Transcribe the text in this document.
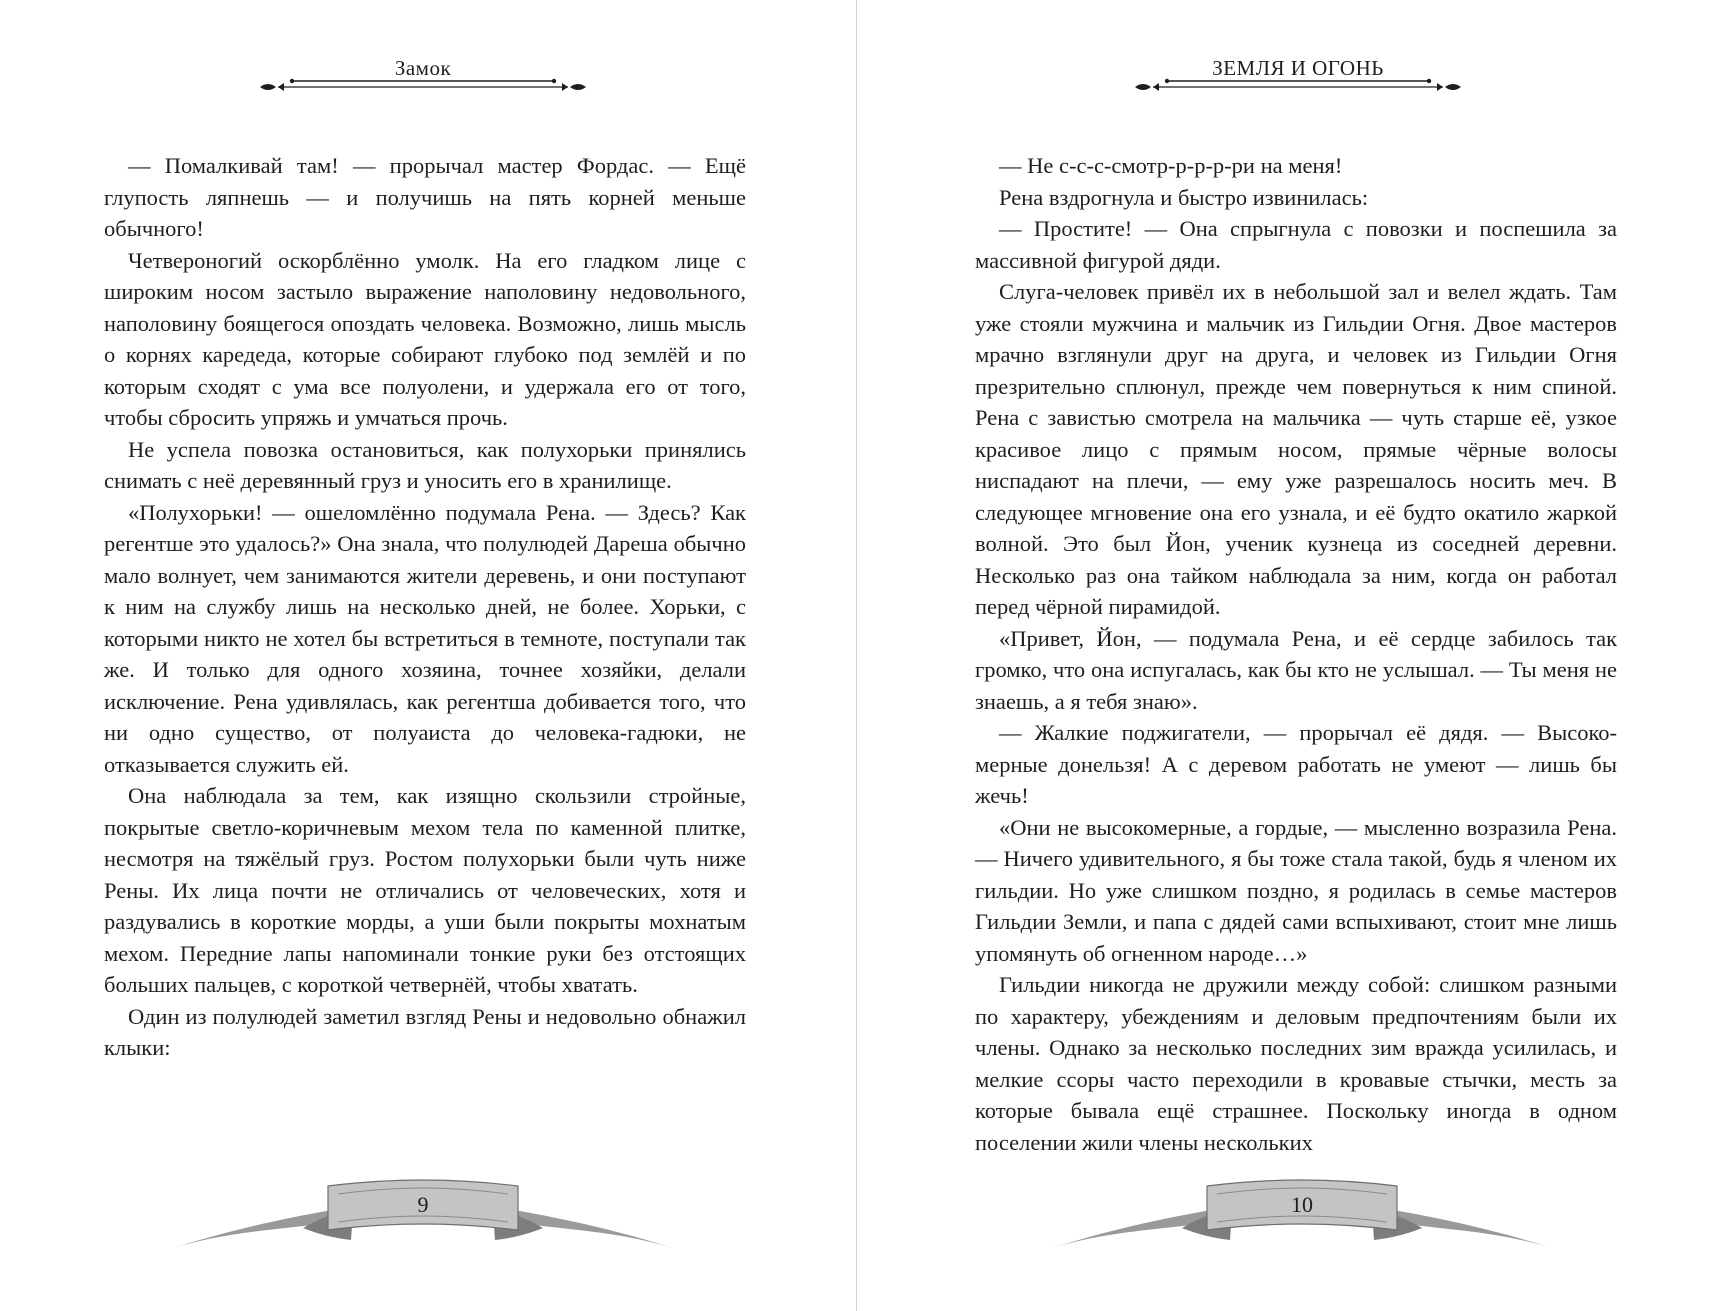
Замок

— Помалкивай там! — прорычал мастер Фордас. — Ещё глупость ляпнешь — и получишь на пять корней меньше обычного!

Четвероногий оскорблённо умолк. На его гладком лице с широким носом застыло выражение наполовину недовольного, наполовину боящегося опоздать человека. Возможно, лишь мысль о корнях каредеда, которые собирают глубоко под землёй и по которым сходят с ума все полуолени, и удержала его от того, чтобы сбросить упряжь и умчаться прочь.

Не успела повозка остановиться, как полухорьки принялись снимать с неё деревянный груз и уносить его в хранилище.

«Полухорьки! — ошеломлённо подумала Рена. — Здесь? Как регентше это удалось?» Она знала, что полулюдей Дареша обычно мало волнует, чем занимаются жители деревень, и они поступают к ним на службу лишь на несколько дней, не более. Хорьки, с которыми никто не хотел бы встретиться в темноте, поступали так же. И только для одного хозяина, точнее хозяйки, делали исключение. Рена удивлялась, как регентша добивается того, что ни одно существо, от полуаиста до человека-гадюки, не отказывается служить ей.

Она наблюдала за тем, как изящно скользили стройные, покрытые светло-коричневым мехом тела по каменной плитке, несмотря на тяжёлый груз. Ростом полухорьки были чуть ниже Рены. Их лица почти не отличались от человеческих, хотя и раздувались в короткие морды, а уши были покрыты мохнатым мехом. Передние лапы напоминали тонкие руки без отстоящих больших пальцев, с короткой четвернёй, чтобы хватать.

Один из полулюдей заметил взгляд Рены и недовольно обнажил клыки:

9
ЗЕМЛЯ И ОГОНЬ

— Не с-с-с-смотр-р-р-р-ри на меня!

Рена вздрогнула и быстро извинилась:

— Простите! — Она спрыгнула с повозки и поспешила за массивной фигурой дяди.

Слуга-человек привёл их в небольшой зал и велел ждать. Там уже стояли мужчина и мальчик из Гильдии Огня. Двое мастеров мрачно взглянули друг на друга, и человек из Гильдии Огня презрительно сплюнул, прежде чем повернуться к ним спиной. Рена с завистью смотрела на мальчика — чуть старше её, узкое красивое лицо с прямым носом, прямые чёрные волосы ниспадают на плечи, — ему уже разрешалось носить меч. В следующее мгновение она его узнала, и её будто окатило жаркой волной. Это был Йон, ученик кузнеца из соседней деревни. Несколько раз она тайком наблюдала за ним, когда он работал перед чёрной пирамидой.

«Привет, Йон, — подумала Рена, и её сердце забилось так громко, что она испугалась, как бы кто не услышал. — Ты меня не знаешь, а я тебя знаю».

— Жалкие поджигатели, — прорычал её дядя. — Высокомерные донельзя! А с деревом работать не умеют — лишь бы жечь!

«Они не высокомерные, а гордые, — мысленно возразила Рена. — Ничего удивительного, я бы тоже стала такой, будь я членом их гильдии. Но уже слишком поздно, я родилась в семье мастеров Гильдии Земли, и папа с дядей сами вспыхивают, стоит мне лишь упомянуть об огненном народе…»

Гильдии никогда не дружили между собой: слишком разными по характеру, убеждениям и деловым предпочтениям были их члены. Однако за несколько последних зим вражда усилилась, и мелкие ссоры часто переходили в кровавые стычки, месть за которые бывала ещё страшнее. Поскольку иногда в одном поселении жили члены нескольких

10
